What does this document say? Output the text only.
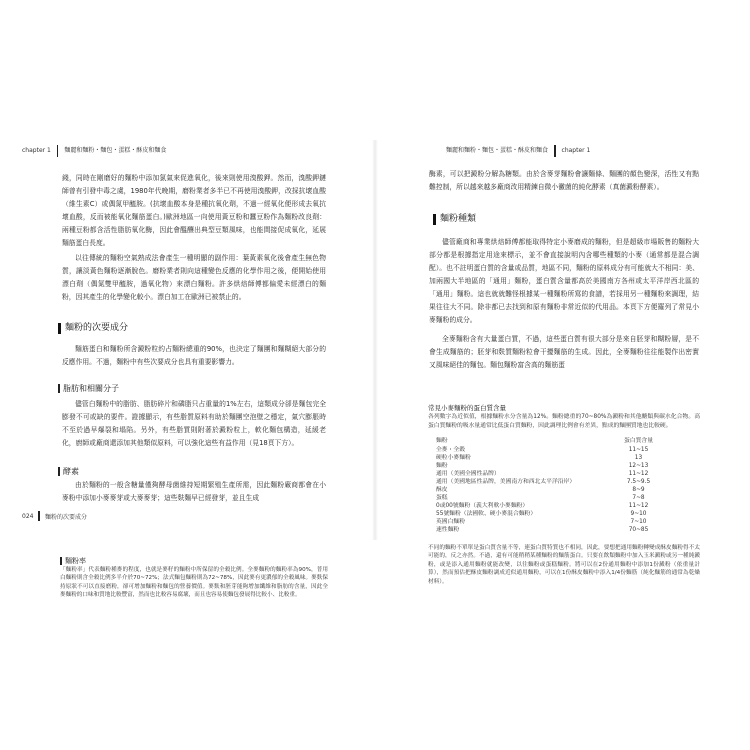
chapter 1 麵麗和麵粉・麵包・蛋糕・酥皮和麵食

錢，同時在剛磨好的麵粉中添加氯氣來促進氧化，後來則使用溴酸鉀。然而，溴酸鉀鏈師曾有引發中毒之虞，1980年代晚期，磨粉業者多半已不再使用溴酸鉀，改採抗壞血酸（維生素C）或偶氮甲醯胺。(抗壞血酸本身是種抗氧化劑，不過一經氧化便形成去氧抗壞血酸，反而被能氧化麵筋蛋白。)歐洲地區一向使用黃豆粉和蠶豆粉作為麵粉改良劑：兩種豆粉都含活性脂肪氧化酶，因此會醞釀出典型豆類風味，也能間接促成氧化，延展麵筋蛋白長度。

以往傳統的麵粉空氣熟成法會產生一種明顯的副作用：葉黃素氧化後會產生無色物質，讓淡黃色麵粉逐漸脫色。磨粉業者則向這種變色反應的化學作用之後，便開始使用漂白劑（偶氮雙甲醯胺，過氧化物）來漂白麵粉。許多烘焙師傅都偏愛未經漂白的麵粉，因其產生的化學變化較小。漂白加工在歐洲已被禁止的。

麵粉的次要成分

麵筋蛋白和麵粉所含澱粉粒約占麵粉總重的90%，也決定了麵團和麵糊絕大部分的反應作用。不過，麵粉中有些次要成分也具有重要影響力。

脂肪和相關分子

儘管白麵粉中的脂肪、脂肪碎片和磷脂只占重量的1%左右，這類成分卻是麵包完全膨發不可或缺的要件。證據顯示，有些脂質原料有助於麵團空泡壁之穩定，氣穴膨脹時不至於過早爆裂和塌陷。另外，有些脂質則附著於澱粉粒上，軟化麵包構造，延緩老化，廚師或廠商還添加其他類似原料，可以強化這些有益作用（見18頁下方）。

酵素

由於麵粉的一般含糖量僅夠酵母菌維持短期繁殖生產所需，因此麵粉廠商都會在小麥粉中添加小麥麥芽或大麥麥芽；這些麩麵早已經發芽，並且生成

024 麵粉的次要成分
麵粉率
「麵粉率」代表麵粉種麥的程度，也就是麥籽的麵粉中所保留的全穀比例。全麥麵粉的麵粉率為90%，普用白麵粉則含全穀比例多半介於70~72%；法式麵包麵粉則為72~78%，因此麥有更濃郁的全穀風味。麥麩保持原狀不可以直接磨粉，卻可增加麵粉和麵包的營養價值。麥麩和胚芽能夠增加纖維和脂肪的含量，因此全麥麵粉的口味和質地比較豐富，然而也比較容易腐壞，而且也容易使麵包發展得比較小、比較重。
麵麗和麵粉・麵包・蛋糕・酥皮和麵食 chapter 1

酶素，可以把澱粉分解為糖類。由於含麥芽麵粉會讓麵條、麵團的顏色變深，活性又有點難控制，所以越來越多廠商改用精鍊自微小黴菌的純化酵素（真菌澱粉酵素）。

麵粉種類

儘管廠商和專業烘焙師傅都能取得特定小麥磨成的麵粉，但是超級市場販售的麵粉大部分都是根據指定用途來標示，並不會直接說明內含哪些種類的小麥（通常都是混合調配）。也不註明蛋白質的含量或品質，地區不同，麵粉的原料成分有可能就大不相同：美、加兩國大半地區的「通用」麵粉，蛋白質含量都高於美國南方各州或太平洋岸西北區的「通用」麵粉。這也就就難怪根據某一種麵粉所寫的食譜，若採用另一種麵粉來調理，結果往往大不同。除非都已去找到和原有麵粉非常近似的代用品。本頁下方便羅列了常見小麥麵粉的成分。

全麥麵粉含有大量蛋白質，不過，這些蛋白質有很大部分是來自胚芽和糊粉層，是不會生成麵筋的；胚芽和麩質麵粉粒會干擾麵筋的生成。因此，全麥麵粉往往能製作出密實又風味絕佳的麵包。麵包麵粉富含高的麵筋蛋

常見小麥麵粉的蛋白質含量

各列數字為近似值，根據麵粉水分含量為12%。麵粉總重的70~80%為澱粉和其他醣類與碳水化合物。高蛋白質麵粉的吸水量通常比低蛋白質麵粉，因此調理比例會有差異，點成的麵團質地也比較硬。

麵粉	蛋白質含量
全麥・全穀	11~15
硬粒小麥麵粉	13
麵粉	12~13
通用（美國全國性品牌）	11~12
通用（美國地區性品牌，美國南方和西北太平洋沿岸）	7.5~9.5
酥皮	8~9
蛋糕	7~8
0或00號麵粉（義大利軟小麥麵粉）	11~12
55號麵粉（法國軟、硬小麥混合麵粉）	9~10
英國白麵粉	7~10
速性麵粉	70~85
不同的麵粉不單單是蛋白質含量不等，連蛋白質特質也不相同，因此，要想把通用麵粉轉變成酥皮麵粉得不太可能的，反之亦然。不過，還有可能稍稍某種麵粉的麵筋蛋白。只要在飲類麵粉中加入玉米澱粉或另一種純澱粉，或是添入通用麵粉就能改變，以往麵粉或蛋糕麵粉。將可以在2份通用麵粉中添加1份澱粉（依重量計算），然而預估把酥皮麵粉調成近似通用麵粉，可以在1份酥皮麵粉中添入1/4份麵筋（純化麵筋的通常為乾燥材料）。
